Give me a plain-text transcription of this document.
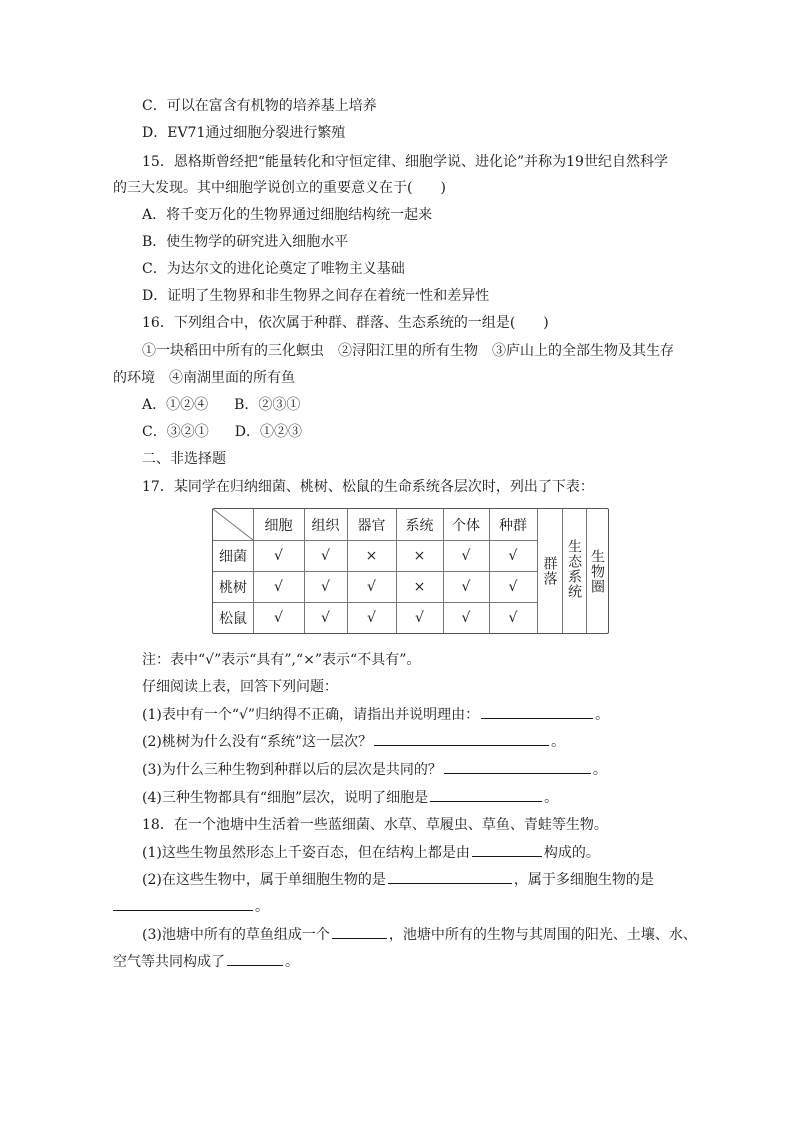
C．可以在富含有机物的培养基上培养
D．EV71通过细胞分裂进行繁殖
15．恩格斯曾经把“能量转化和守恒定律、细胞学说、进化论”并称为19世纪自然科学
的三大发现。其中细胞学说创立的重要意义在于(　　)
A．将千变万化的生物界通过细胞结构统一起来
B．使生物学的研究进入细胞水平
C．为达尔文的进化论奠定了唯物主义基础
D．证明了生物界和非生物界之间存在着统一性和差异性
16．下列组合中，依次属于种群、群落、生态系统的一组是(　　)
①一块稻田中所有的三化螟虫　②浔阳江里的所有生物　③庐山上的全部生物及其生存
的环境　④南湖里面的所有鱼
A．①②④ B．②③①
C．③②① D．①②③
二、非选择题
17．某同学在归纳细菌、桃树、松鼠的生命系统各层次时，列出了下表：
细胞	组织	器官	系统	个体	种群
细菌	√	√	×	×	√	√
桃树	√	√	√	×	√	√
松鼠	√	√	√	√	√	√
群落 生态系统 生物圈
注：表中“√”表示“具有”,“×”表示“不具有”。
仔细阅读上表，回答下列问题：
(1)表中有一个“√”归纳得不正确，请指出并说明理由：	。
(2)桃树为什么没有“系统”这一层次？	。
(3)为什么三种生物到种群以后的层次是共同的？	。
(4)三种生物都具有“细胞”层次，说明了细胞是	。
18．在一个池塘中生活着一些蓝细菌、水草、草履虫、草鱼、青蛙等生物。
(1)这些生物虽然形态上千姿百态，但在结构上都是由	构成的。
(2)在这些生物中，属于单细胞生物的是	，属于多细胞生物的是
。
(3)池塘中所有的草鱼组成一个	，池塘中所有的生物与其周围的阳光、土壤、水、
空气等共同构成了	。
